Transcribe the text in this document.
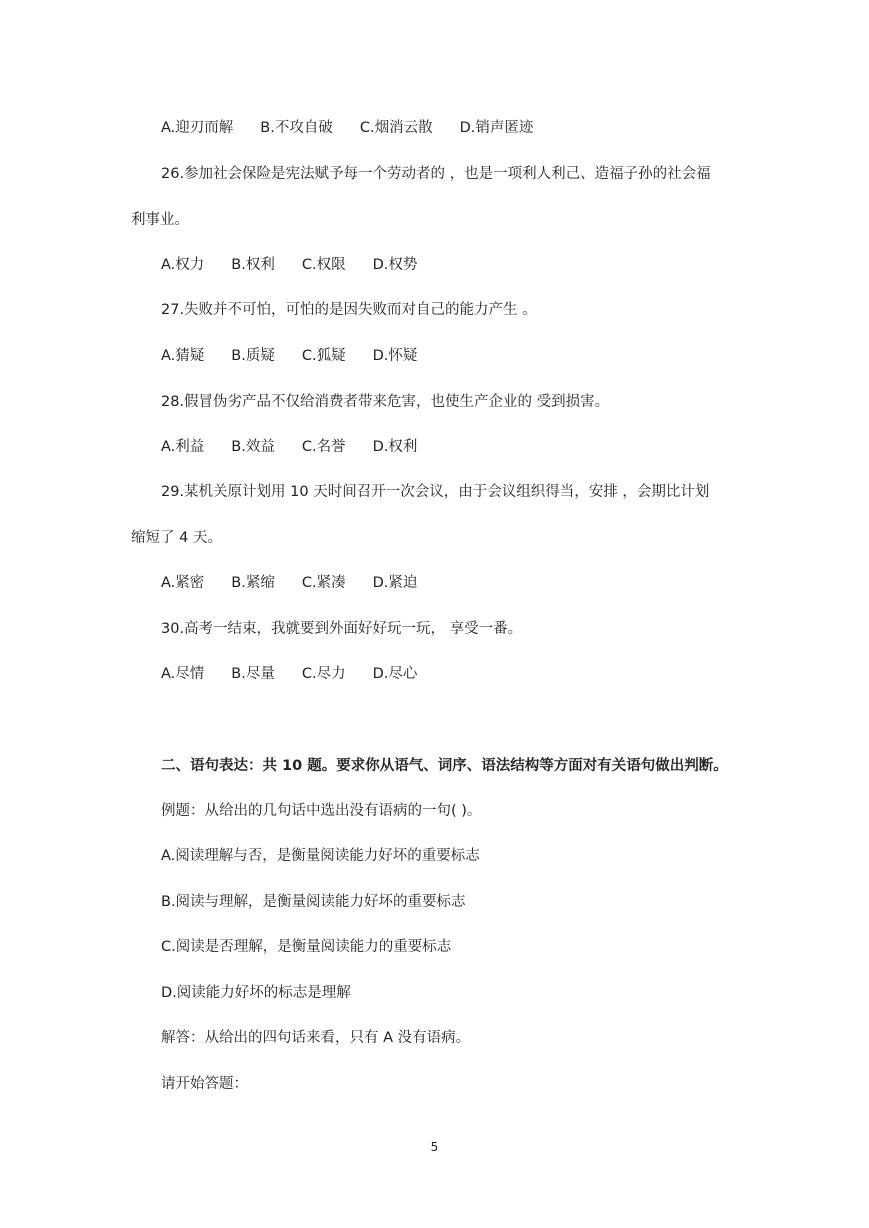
A.迎刃而解 B.不攻自破 C.烟消云散 D.销声匿迹
26.参加社会保险是宪法赋予每一个劳动者的 ，也是一项利人利己、造福子孙的社会福
利事业。
A.权力 B.权利 C.权限 D.权势
27.失败并不可怕，可怕的是因失败而对自己的能力产生 。
A.猜疑 B.质疑 C.狐疑 D.怀疑
28.假冒伪劣产品不仅给消费者带来危害，也使生产企业的 受到损害。
A.利益 B.效益 C.名誉 D.权利
29.某机关原计划用 10 天时间召开一次会议，由于会议组织得当，安排 ，会期比计划
缩短了 4 天。
A.紧密 B.紧缩 C.紧凑 D.紧迫
30.高考一结束，我就要到外面好好玩一玩， 享受一番。
A.尽情 B.尽量 C.尽力 D.尽心
二、语句表达：共 10 题。要求你从语气、词序、语法结构等方面对有关语句做出判断。
例题：从给出的几句话中选出没有语病的一句( )。
A.阅读理解与否，是衡量阅读能力好坏的重要标志
B.阅读与理解，是衡量阅读能力好坏的重要标志
C.阅读是否理解，是衡量阅读能力的重要标志
D.阅读能力好坏的标志是理解
解答：从给出的四句话来看，只有 A 没有语病。
请开始答题：
5
